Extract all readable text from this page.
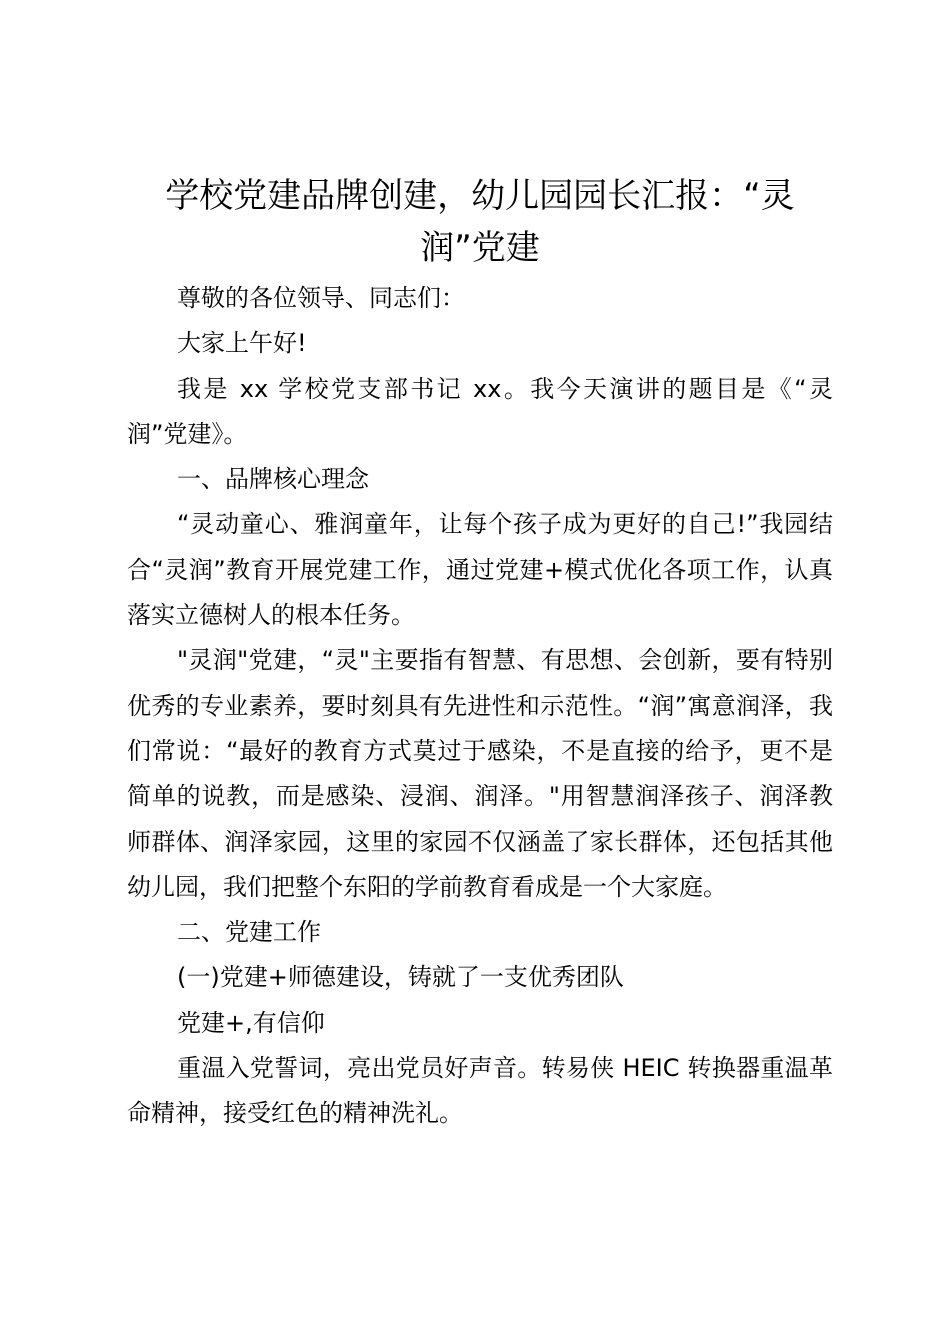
学校党建品牌创建，幼儿园园长汇报：“灵润”党建

尊敬的各位领导、同志们：

大家上午好!

我是 xx 学校党支部书记 xx。我今天演讲的题目是《“灵润”党建》。

一、品牌核心理念

“灵动童心、雅润童年，让每个孩子成为更好的自己!”我园结合“灵润”教育开展党建工作，通过党建+模式优化各项工作，认真落实立德树人的根本任务。

"灵润"党建，“灵"主要指有智慧、有思想、会创新，要有特别优秀的专业素养，要时刻具有先进性和示范性。“润”寓意润泽，我们常说：“最好的教育方式莫过于感染，不是直接的给予，更不是简单的说教，而是感染、浸润、润泽。"用智慧润泽孩子、润泽教师群体、润泽家园，这里的家园不仅涵盖了家长群体，还包括其他幼儿园，我们把整个东阳的学前教育看成是一个大家庭。

二、党建工作

(一)党建+师德建设，铸就了一支优秀团队

党建+,有信仰

重温入党誓词，亮出党员好声音。转易侠 HEIC 转换器重温革命精神，接受红色的精神洗礼。
